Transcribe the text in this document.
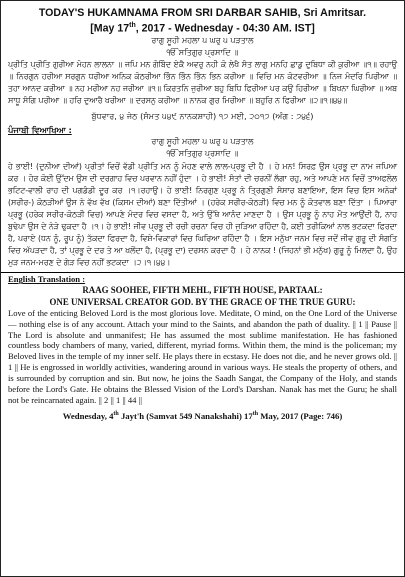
TODAY'S HUKAMNAMA FROM SRI DARBAR SAHIB, Sri Amritsar.
[May 17th, 2017 - Wednesday - 04:30 AM. IST]
ਰਾਗੁ ਸੂਹੀ ਮਹਲਾ ੫ ਘਰੁ ੫ ਪੜਤਾਲ
ੴ ਸਤਿਗੁਰ ਪ੍ਰਸਾਦਿ ॥
ਪ੍ਰੀਤਿ ਪ੍ਰੀਤਿ ਗੁਰੀਆ ਮੋਹਨ ਲਾਲਨਾ ॥ ਜਪਿ ਮਨ ਗੋਬਿੰਦ ਏਕੈ ਅਵਰੁ ਨਹੀ ਕੋ ਲੇਖੈ ਸੰਤ ਲਾਗੁ ਮਨਹਿ ਛਾਡੁ ਦੁਬਿਧਾ ਕੀ ਕੁਰੀਆ ॥੧॥ ਰਹਾਉ ॥ ਨਿਰਗੁਨ ਹਰੀਆ ਸਰਗੁਨ ਧਰੀਆ ਅਨਿਕ ਕੋਠਰੀਆ ਭਿੰਨ ਭਿੰਨ ਭਿੰਨ ਭਿਨ ਕਰੀਆ ॥ ਵਿਚਿ ਮਨ ਕੋਟਵਰੀਆ ॥ ਨਿਜ ਮੰਦਰਿ ਪਿਰੀਆ ॥ ਤਹਾ ਆਨਦ ਕਰੀਆ ॥ ਨਹ ਮਰੀਆ ਨਹ ਜਰੀਆ ॥੧॥ ਕਿਰਤਨਿ ਜੁਰੀਆ ਬਹੁ ਬਿਧਿ ਫਿਰੀਆ ਪਰ ਕਉ ਹਿਰੀਆ ॥ ਬਿਖਨਾ ਘਿਰੀਆ ॥ ਅਬ ਸਾਧੂ ਸੰਗਿ ਪਰੀਆ ॥ ਹਰਿ ਦੁਆਰੈ ਖਰੀਆ ॥ ਦਰਸਨੁ ਕਰੀਆ ॥ ਨਾਨਕ ਗੁਰ ਮਿਰੀਆ ॥ ਬਹੁਰਿ ਨ ਫਿਰੀਆ ॥੨॥੧॥੪੪॥
ਬੁੱਧਵਾਰ, ੪ ਜੇਠ (ਸੰਮਤ ੫੪੯ ਨਾਨਕਸ਼ਾਹੀ) ੧੭ ਮਈ, ੨੦੧੭ (ਅੰਗ : ੭੪੬)
ਪੰਜਾਬੀ ਵਿਆਖਿਆ :
ਰਾਗੁ ਸੂਹੀ ਮਹਲਾ ੫ ਘਰੁ ੫ ਪੜਤਾਲ
ੴ ਸਤਿਗੁਰ ਪ੍ਰਸਾਦਿ ॥
ਹੇ ਭਾਈ! (ਦੁਨੀਆ ਦੀਆਂ) ਪ੍ਰੀਤਾਂ ਵਿਚੋਂ ਵੱਡੀ ਪ੍ਰੀਤਿ ਮਨ ਨੂੰ ਮੋਹਣ ਵਾਲੇ ਲਾਲ-ਪ੍ਰਭੂ ਦੀ ਹੈ । ਹੇ ਮਨ! ਸਿਰਫ਼ ਉਸ ਪ੍ਰਭੂ ਦਾ ਨਾਮ ਜਪਿਆ ਕਰ । ਹੋਰ ਕੋਈ ਉੱਦਮ ਉਸ ਦੀ ਦਰਗਾਹ ਵਿਚ ਪਰਵਾਨ ਨਹੀਂ ਹੁੰਦਾ । ਹੇ ਭਾਈ! ਸੰਤਾਂ ਦੀ ਚਰਨੀਂ ਲੱਗਾ ਰਹੁ, ਅਤੇ ਆਪਣੇ ਮਨ ਵਿਚੋਂ ਤਾਅਫਲੋਲ ਭਟਿਟ-ਵਾਲੀ ਰਾਹ ਦੀ ਪਗਡੰਡੀ ਦੂਰ ਕਰ ।੧।ਰਹਾਉ। ਹੇ ਭਾਈ! ਨਿਰਗੁਣ ਪ੍ਰਭੂ ਨੇ ਤ੍ਰਿਗੁਣੀ ਸੰਸਾਰ ਬਣਾਇਆ, ਇਸ ਵਿਚ ਇਸ ਅਨੇਕਾਂ (ਸਰੀਰ-) ਕੋਠੜੀਆਂ ਉਸ ਨੇ ਵੱਖ ਵੱਖ (ਕਿਸਮ ਦੀਆਂ) ਬਣਾ ਦਿੱਤੀਆਂ । (ਹਰੇਕ ਸਰੀਰ-ਕੋਠੜੀ) ਵਿਚ ਮਨ ਨੂੰ ਕੋਤਵਾਲ ਬਣਾ ਦਿੱਤਾ । ਪਿਆਰਾ ਪ੍ਰਭੂ (ਹਰੇਕ ਸਰੀਰ-ਕੋਠੜੀ ਵਿਚ) ਆਪਣੇ ਮੰਦਰ ਵਿਚ ਵਸਦਾ ਹੈ, ਅਤੇ ਉੱਥੇ ਆਨੰਦ ਮਾਣਦਾ ਹੈ । ਉਸ ਪ੍ਰਭੂ ਨੂੰ ਨਾਹ ਮੌਤ ਆਉਂਦੀ ਹੈ, ਨਾਹ ਬੁਢੇਪਾ ਉਸ ਦੇ ਨੇੜੇ ਢੁਕਦਾ ਹੈ ।੧। ਹੇ ਭਾਈ! ਜੀਵ ਪ੍ਰਭੂ ਦੀ ਰਚੀ ਰਚਨਾ ਵਿਚ ਹੀ ਜੁੜਿਆ ਰਹਿੰਦਾ ਹੈ, ਕਈ ਤਰੀਕਿਆਂ ਨਾਲ ਭਟਕਦਾ ਫਿਰਦਾ ਹੈ, ਪਰਾਏ (ਧਨ ਨੂੰ, ਰੂਪ ਨੂੰ) ਤੱਕਦਾ ਫਿਰਦਾ ਹੈ, ਵਿਸ਼ੇ-ਵਿਕਾਰਾਂ ਵਿਚ ਘਿਰਿਆ ਰਹਿੰਦਾ ਹੈ । ਇਸ ਮਨੁੱਖਾ ਜਨਮ ਵਿਚ ਜਦੋਂ ਜੀਵ ਗੁਰੂ ਦੀ ਸੰਗਤਿ ਵਿਚ ਅੱਪੜਦਾ ਹੈ, ਤਾਂ ਪ੍ਰਭੂ ਦੇ ਦਰ ਤੇ ਆ ਖਲੋਂਦਾ ਹੈ, (ਪ੍ਰਭੂ ਦਾ) ਦਰਸਨ ਕਰਦਾ ਹੈ । ਹੇ ਨਾਨਕ ! (ਜਿਹਨਾਂ ਭੀ ਮਨੁੱਖ) ਗੁਰੂ ਨੂੰ ਮਿਲਦਾ ਹੈ, ਉਹ ਮੁੜ ਜਨਮ-ਮਰਣ ਦੇ ਗੇੜ ਵਿਚ ਨਹੀਂ ਭਟਕਦਾ ।੨।੧।੪੪।
English Translation :
RAAG SOOHEE, FIFTH MEHL, FIFTH HOUSE, PARTAAL:
ONE UNIVERSAL CREATOR GOD. BY THE GRACE OF THE TRUE GURU:
Love of the enticing Beloved Lord is the most glorious love. Meditate, O mind, on the One Lord of the Universe — nothing else is of any account. Attach your mind to the Saints, and abandon the path of duality. || 1 || Pause || The Lord is absolute and unmanifest; He has assumed the most sublime manifestation. He has fashioned countless body chambers of many, varied, different, myriad forms. Within them, the mind is the policeman; my Beloved lives in the temple of my inner self. He plays there in ecstasy. He does not die, and he never grows old. || 1 || He is engrossed in worldly activities, wandering around in various ways. He steals the property of others, and is surrounded by corruption and sin. But now, he joins the Saadh Sangat, the Company of the Holy, and stands before the Lord's Gate. He obtains the Blessed Vision of the Lord's Darshan. Nanak has met the Guru; he shall not be reincarnated again. || 2 || 1 || 44 ||
Wednesday, 4th Jayt'h (Samvat 549 Nanakshahi) 17th May, 2017 (Page: 746)
